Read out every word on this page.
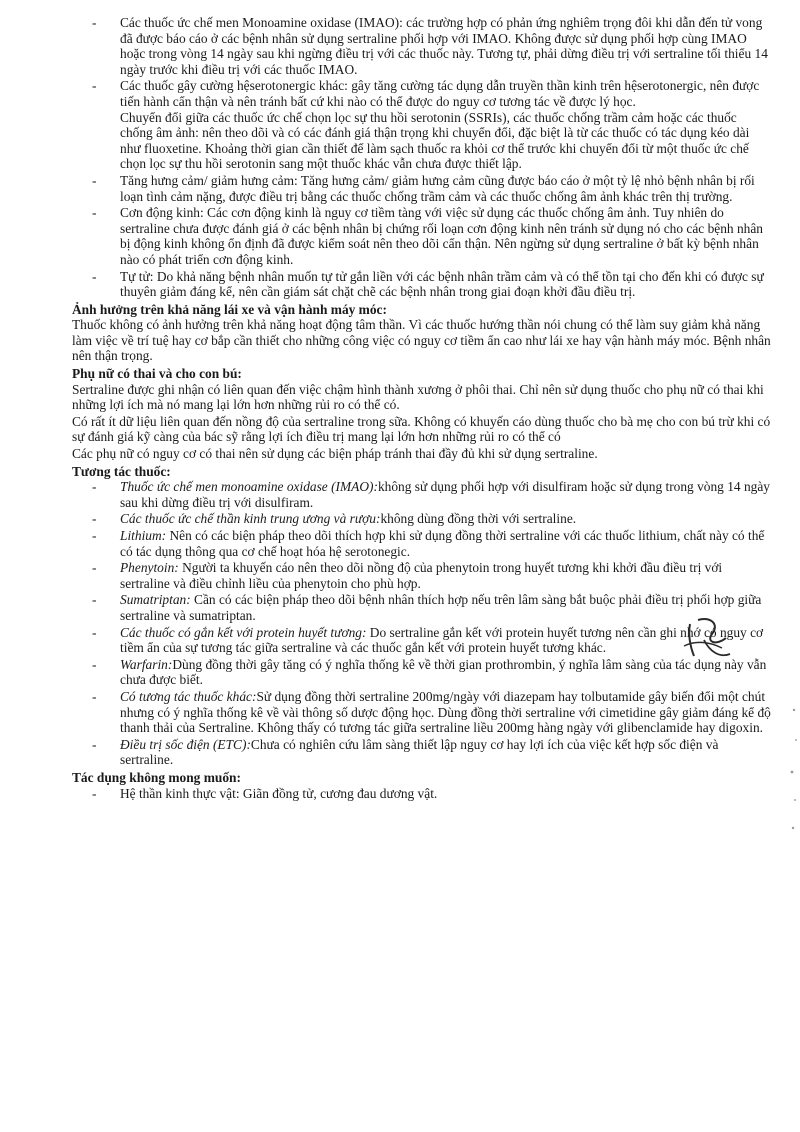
- Các thuốc ức chế men Monoamine oxidase (IMAO): các trường hợp có phản ứng nghiêm trọng đôi khi dẫn đến tử vong đã được báo cáo ở các bệnh nhân sử dụng sertraline phối hợp với IMAO. Không được sử dụng phối hợp cùng IMAO hoặc trong vòng 14 ngày sau khi ngừng điều trị với các thuốc này. Tương tự, phải dừng điều trị với sertraline tối thiểu 14 ngày trước khi điều trị với các thuốc IMAO.

- Các thuốc gây cường hệserotonergic khác: gây tăng cường tác dụng dẫn truyền thần kinh trên hệserotonergic, nên được tiến hành cẩn thận và nên tránh bất cứ khi nào có thể được do nguy cơ tương tác về được lý học.

Chuyển đổi giữa các thuốc ức chế chọn lọc sự thu hồi serotonin (SSRIs), các thuốc chống trầm cảm hoặc các thuốc chống âm ảnh: nên theo dõi và có các đánh giá thận trọng khi chuyển đổi, đặc biệt là từ các thuốc có tác dụng kéo dài như fluoxetine. Khoảng thời gian cần thiết để làm sạch thuốc ra khỏi cơ thể trước khi chuyển đổi từ một thuốc ức chế chọn lọc sự thu hồi serotonin sang một thuốc khác vẫn chưa được thiết lập.

- Tăng hưng cảm/ giảm hưng cảm: Tăng hưng cảm/ giảm hưng cảm cũng được báo cáo ở một tỷ lệ nhỏ bệnh nhân bị rối loạn tình cảm nặng, được điều trị bằng các thuốc chống trầm cảm và các thuốc chống âm ảnh khác trên thị trường.

- Cơn động kinh: Các cơn động kinh là nguy cơ tiềm tàng với việc sử dụng các thuốc chống âm ảnh. Tuy nhiên do sertraline chưa được đánh giá ở các bệnh nhân bị chứng rối loạn cơn động kinh nên tránh sử dụng nó cho các bệnh nhân bị động kinh không ổn định đã được kiểm soát nên theo dõi cẩn thận. Nên ngừng sử dụng sertraline ở bất kỳ bệnh nhân nào có phát triển cơn động kinh.

- Tự tử: Do khả năng bệnh nhân muốn tự tử gắn liền với các bệnh nhân trầm cảm và có thể tồn tại cho đến khi có được sự thuyên giảm đáng kể, nên cần giám sát chặt chẽ các bệnh nhân trong giai đoạn khởi đầu điều trị.

Ảnh hưởng trên khả năng lái xe và vận hành máy móc:

Thuốc không có ảnh hưởng trên khả năng hoạt động tâm thần. Vì các thuốc hướng thần nói chung có thể làm suy giảm khả năng làm việc về trí tuệ hay cơ bắp cần thiết cho những công việc có nguy cơ tiềm ẩn cao như lái xe hay vận hành máy móc. Bệnh nhân nên thận trọng.

Phụ nữ có thai và cho con bú:

Sertraline được ghi nhận có liên quan đến việc chậm hình thành xương ở phôi thai. Chỉ nên sử dụng thuốc cho phụ nữ có thai khi những lợi ích mà nó mang lại lớn hơn những rủi ro có thể có.

Có rất ít dữ liệu liên quan đến nồng độ của sertraline trong sữa. Không có khuyến cáo dùng thuốc cho bà mẹ cho con bú trừ khi có sự đánh giá kỹ càng của bác sỹ rằng lợi ích điều trị mang lại lớn hơn những rủi ro có thể có

Các phụ nữ có nguy cơ có thai nên sử dụng các biện pháp tránh thai đầy đủ khi sử dụng sertraline.

Tương tác thuốc:
- Thuốc ức chế men monoamine oxidase (IMAO):không sử dụng phối hợp với disulfiram hoặc sử dụng trong vòng 14 ngày sau khi dừng điều trị với disulfiram.

- Các thuốc ức chế thần kinh trung ương và rượu:không dùng đồng thời với sertraline.

- Lithium: Nên có các biện pháp theo dõi thích hợp khi sử dụng đồng thời sertraline với các thuốc lithium, chất này có thể có tác dụng thông qua cơ chế hoạt hóa hệ serotonegic.

- Phenytoin: Người ta khuyến cáo nên theo dõi nồng độ của phenytoin trong huyết tương khi khởi đầu điều trị với sertraline và điều chỉnh liều của phenytoin cho phù hợp.

- Sumatriptan: Cần có các biện pháp theo dõi bệnh nhân thích hợp nếu trên lâm sàng bắt buộc phải điều trị phối hợp giữa sertraline và sumatriptan.

- Các thuốc có gắn kết với protein huyết tương: Do sertraline gắn kết với protein huyết tương nên cần ghi nhớ có nguy cơ tiềm ẩn của sự tương tác giữa sertraline và các thuốc gắn kết với protein huyết tương khác.

- Warfarin:Dùng đồng thời gây tăng có ý nghĩa thống kê về thời gian prothrombin, ý nghĩa lâm sàng của tác dụng này vẫn chưa được biết.

- Có tương tác thuốc khác:Sử dụng đồng thời sertraline 200mg/ngày với diazepam hay tolbutamide gây biến đổi một chút nhưng có ý nghĩa thống kê về vài thông số dược động học. Dùng đồng thời sertraline với cimetidine gây giảm đáng kể độ thanh thải của Sertraline. Không thấy có tương tác giữa sertraline liều 200mg hàng ngày với glibenclamide hay digoxin.

- Điều trị sốc điện (ETC):Chưa có nghiên cứu lâm sàng thiết lập nguy cơ hay lợi ích của việc kết hợp sốc điện và sertraline.

Tác dụng không mong muốn:
- Hệ thần kinh thực vật: Giãn đồng tử, cương đau dương vật.
